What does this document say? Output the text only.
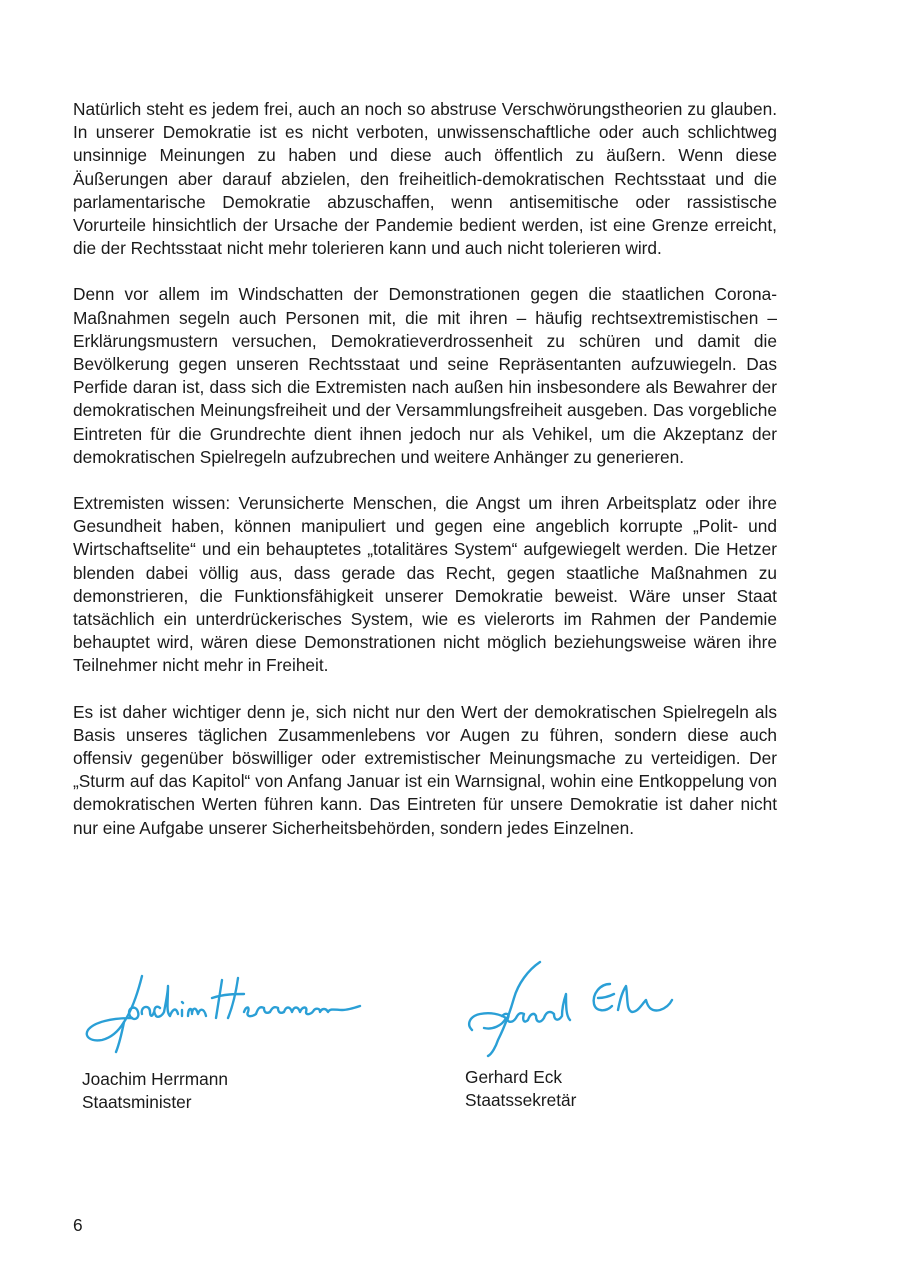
Natürlich steht es jedem frei, auch an noch so abstruse Verschwörungstheorien zu glauben. In unserer Demokratie ist es nicht verboten, unwissenschaftliche oder auch schlichtweg unsinnige Meinungen zu haben und diese auch öffentlich zu äußern. Wenn diese Äußerungen aber darauf abzielen, den freiheitlich-demokratischen Rechtsstaat und die parlamentarische Demokratie abzuschaffen, wenn antisemitische oder rassistische Vorurteile hinsichtlich der Ursache der Pandemie bedient werden, ist eine Grenze erreicht, die der Rechtsstaat nicht mehr tolerieren kann und auch nicht tolerieren wird.

Denn vor allem im Windschatten der Demonstrationen gegen die staatlichen Corona-Maßnahmen segeln auch Personen mit, die mit ihren – häufig rechtsextremistischen – Erklärungsmustern versuchen, Demokratieverdrossenheit zu schüren und damit die Bevölkerung gegen unseren Rechtsstaat und seine Repräsentanten aufzuwiegeln. Das Perfide daran ist, dass sich die Extremisten nach außen hin insbesondere als Bewahrer der demokratischen Meinungsfreiheit und der Versammlungsfreiheit ausgeben. Das vorgebliche Eintreten für die Grundrechte dient ihnen jedoch nur als Vehikel, um die Akzeptanz der demokratischen Spielregeln aufzubrechen und weitere Anhänger zu generieren.

Extremisten wissen: Verunsicherte Menschen, die Angst um ihren Arbeitsplatz oder ihre Gesundheit haben, können manipuliert und gegen eine angeblich korrupte „Polit- und Wirtschaftselite“ und ein behauptetes „totalitäres System“ aufgewiegelt werden. Die Hetzer blenden dabei völlig aus, dass gerade das Recht, gegen staatliche Maßnahmen zu demonstrieren, die Funktionsfähigkeit unserer Demokratie beweist. Wäre unser Staat tatsächlich ein unterdrückerisches System, wie es vielerorts im Rahmen der Pandemie behauptet wird, wären diese Demonstrationen nicht möglich beziehungsweise wären ihre Teilnehmer nicht mehr in Freiheit.

Es ist daher wichtiger denn je, sich nicht nur den Wert der demokratischen Spielregeln als Basis unseres täglichen Zusammenlebens vor Augen zu führen, sondern diese auch offensiv gegenüber böswilliger oder extremistischer Meinungsmache zu verteidigen. Der „Sturm auf das Kapitol“ von Anfang Januar ist ein Warnsignal, wohin eine Entkoppelung von demokratischen Werten führen kann. Das Eintreten für unsere Demokratie ist daher nicht nur eine Aufgabe unserer Sicherheitsbehörden, sondern jedes Einzelnen.

Joachim Herrmann
Staatsminister
Gerhard Eck
Staatssekretär
6
